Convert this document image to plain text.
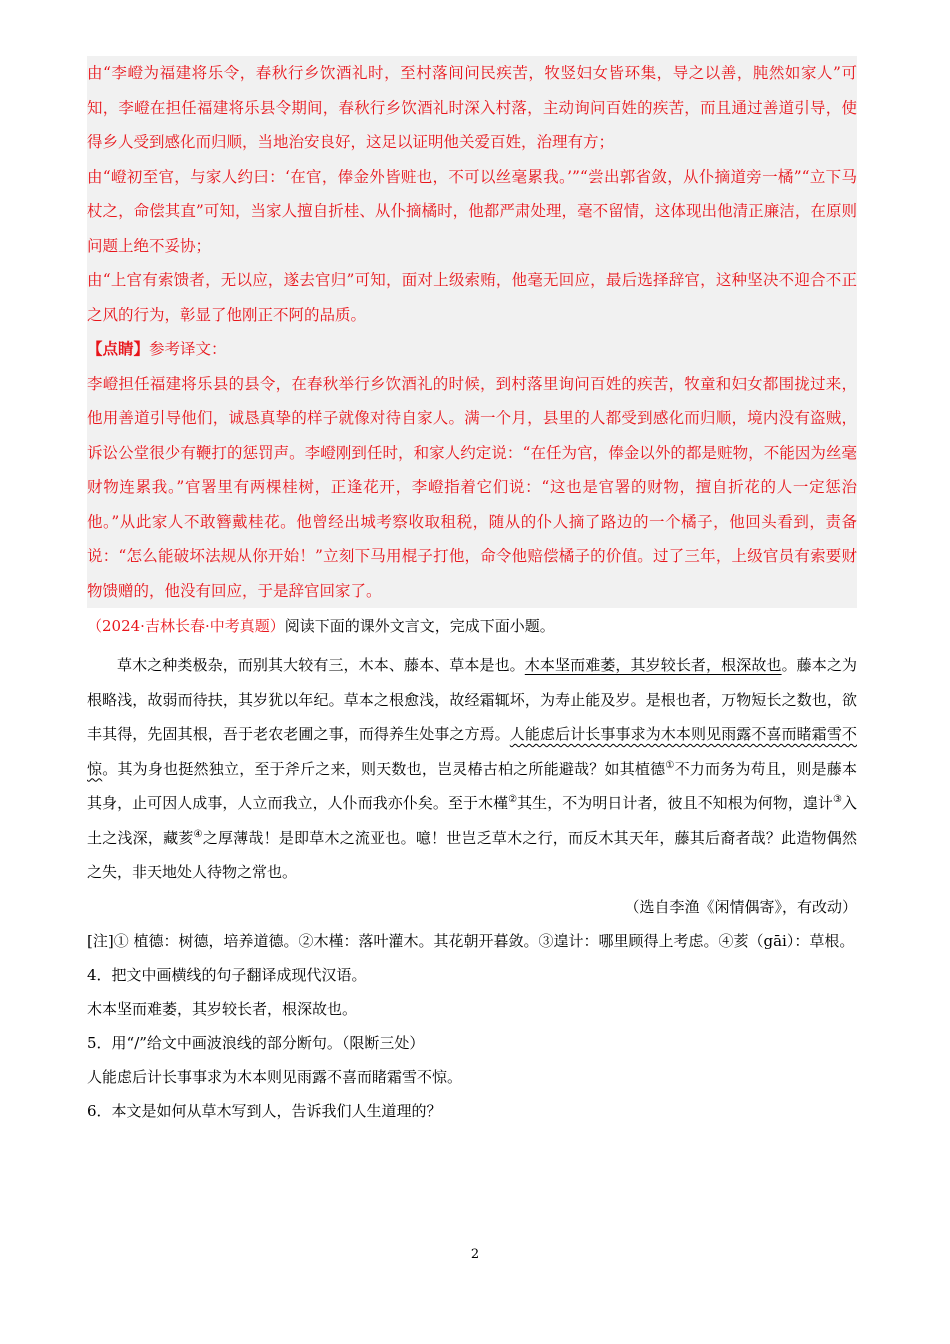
由“李嶝为福建将乐令，春秋行乡饮酒礼时，至村落间问民疾苦，牧竖妇女皆环集，导之以善，肫然如家人”可知，李嶝在担任福建将乐县令期间，春秋行乡饮酒礼时深入村落，主动询问百姓的疾苦，而且通过善道引导，使得乡人受到感化而归顺，当地治安良好，这足以证明他关爱百姓，治理有方；

由“嶝初至官，与家人约曰：‘在官，俸金外皆赃也，不可以丝毫累我。’”“尝出郭省敛，从仆摘道旁一橘”“立下马杖之，命偿其直”可知，当家人擅自折桂、从仆摘橘时，他都严肃处理，毫不留情，这体现出他清正廉洁，在原则问题上绝不妥协；

由“上官有索馈者，无以应，遂去官归”可知，面对上级索贿，他毫无回应，最后选择辞官，这种坚决不迎合不正之风的行为，彰显了他刚正不阿的品质。

【点睛】参考译文：

李嶝担任福建将乐县的县令，在春秋举行乡饮酒礼的时候，到村落里询问百姓的疾苦，牧童和妇女都围拢过来，他用善道引导他们，诚恳真挚的样子就像对待自家人。满一个月，县里的人都受到感化而归顺，境内没有盗贼，诉讼公堂很少有鞭打的惩罚声。李嶝刚到任时，和家人约定说：“在任为官，俸金以外的都是赃物，不能因为丝毫财物连累我。”官署里有两棵桂树，正逢花开，李嶝指着它们说：“这也是官署的财物，擅自折花的人一定惩治他。”从此家人不敢簪戴桂花。他曾经出城考察收取租税，随从的仆人摘了路边的一个橘子，他回头看到，责备说：“怎么能破坏法规从你开始！”立刻下马用棍子打他，命令他赔偿橘子的价值。过了三年，上级官员有索要财物馈赠的，他没有回应，于是辞官回家了。

（2024·吉林长春·中考真题）阅读下面的课外文言文，完成下面小题。

草木之种类极杂，而别其大较有三，木本、藤本、草本是也。木本坚而难萎，其岁较长者，根深故也。藤本之为根略浅，故弱而待扶，其岁犹以年纪。草本之根愈浅，故经霜辄坏，为寿止能及岁。是根也者，万物短长之数也，欲丰其得，先固其根，吾于老农老圃之事，而得养生处事之方焉。人能虑后计长事事求为木本则见雨露不喜而睹霜雪不惊。其为身也挺然独立，至于斧斤之来，则天数也，岂灵椿古柏之所能避哉？如其植德①不力而务为苟且，则是藤本其身，止可因人成事，人立而我立，人仆而我亦仆矣。至于木槿②其生，不为明日计者，彼且不知根为何物，遑计③入土之浅深，藏荄④之厚薄哉！是即草木之流亚也。噫！世岂乏草木之行，而反木其天年，藤其后裔者哉？此造物偶然之失，非天地处人待物之常也。

（选自李渔《闲情偶寄》，有改动）
[注]① 植德：树德，培养道德。②木槿：落叶灌木。其花朝开暮敛。③遑计：哪里顾得上考虑。④荄（gāi）：草根。

4．把文中画横线的句子翻译成现代汉语。

木本坚而难萎，其岁较长者，根深故也。

5．用“/”给文中画波浪线的部分断句。（限断三处）

人能虑后计长事事求为木本则见雨露不喜而睹霜雪不惊。

6．本文是如何从草木写到人，告诉我们人生道理的？

2
